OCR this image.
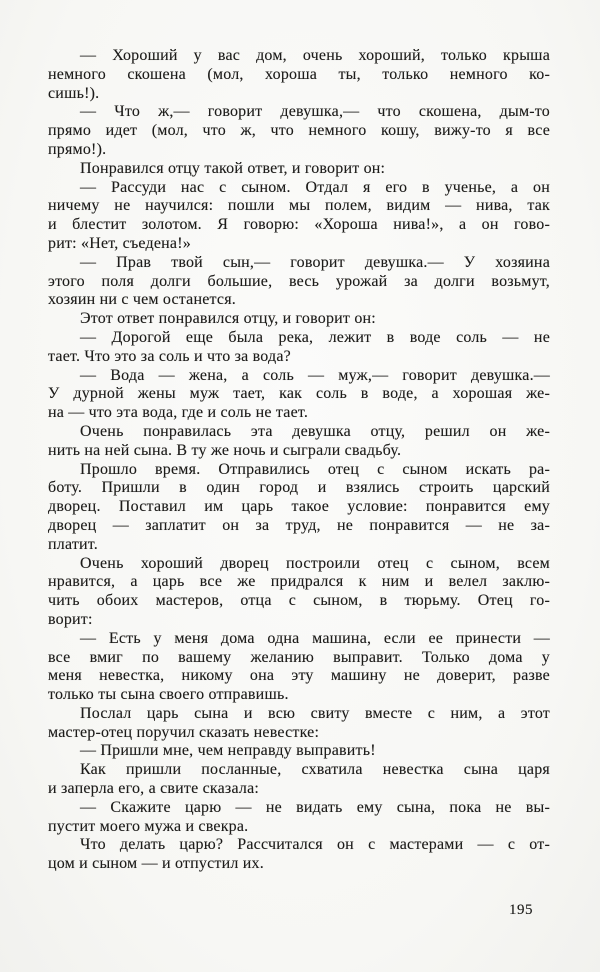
— Хороший у вас дом, очень хороший, только крыша
немного скошена (мол, хороша ты, только немного ко-
сишь!).
— Что ж,— говорит девушка,— что скошена, дым-то
прямо идет (мол, что ж, что немного кошу, вижу-то я все
прямо!).
Понравился отцу такой ответ, и говорит он:
— Рассуди нас с сыном. Отдал я его в ученье, а он
ничему не научился: пошли мы полем, видим — нива, так
и блестит золотом. Я говорю: «Хороша нива!», а он гово-
рит: «Нет, съедена!»
— Прав твой сын,— говорит девушка.— У хозяина
этого поля долги большие, весь урожай за долги возьмут,
хозяин ни с чем останется.
Этот ответ понравился отцу, и говорит он:
— Дорогой еще была река, лежит в воде соль — не
тает. Что это за соль и что за вода?
— Вода — жена, а соль — муж,— говорит девушка.—
У дурной жены муж тает, как соль в воде, а хорошая же-
на — что эта вода, где и соль не тает.
Очень понравилась эта девушка отцу, решил он же-
нить на ней сына. В ту же ночь и сыграли свадьбу.
Прошло время. Отправились отец с сыном искать ра-
боту. Пришли в один город и взялись строить царский
дворец. Поставил им царь такое условие: понравится ему
дворец — заплатит он за труд, не понравится — не за-
платит.
Очень хороший дворец построили отец с сыном, всем
нравится, а царь все же придрался к ним и велел заклю-
чить обоих мастеров, отца с сыном, в тюрьму. Отец го-
ворит:
— Есть у меня дома одна машина, если ее принести —
все вмиг по вашему желанию выправит. Только дома у
меня невестка, никому она эту машину не доверит, разве
только ты сына своего отправишь.
Послал царь сына и всю свиту вместе с ним, а этот
мастер-отец поручил сказать невестке:
— Пришли мне, чем неправду выправить!
Как пришли посланные, схватила невестка сына царя
и заперла его, а свите сказала:
— Скажите царю — не видать ему сына, пока не вы-
пустит моего мужа и свекра.
Что делать царю? Рассчитался он с мастерами — с от-
цом и сыном — и отпустил их.
195
